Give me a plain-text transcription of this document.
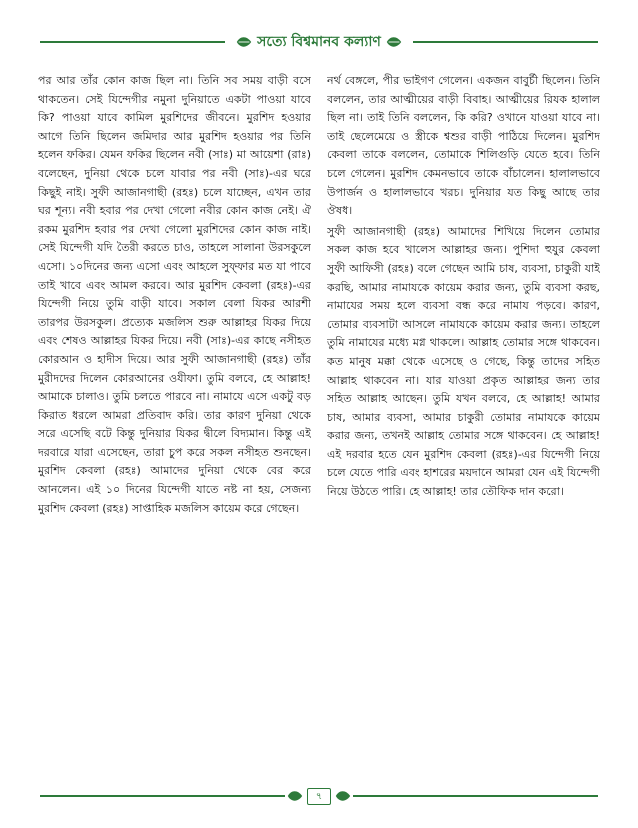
সত্যে বিশ্বমানব কল্যাণ

পর আর তাঁর কোন কাজ ছিল না। তিনি সব সময় বাড়ী বসে থাকতেন। সেই যিন্দেগীর নমুনা দুনিয়াতে একটা পাওয়া যাবে কি? পাওয়া যাবে কামিল মুরশিদের জীবনে। মুরশিদ হওয়ার আগে তিনি ছিলেন জমিদার আর মুরশিদ হওয়ার পর তিনি হলেন ফকির। যেমন ফকির ছিলেন নবী (সাঃ) মা আয়েশা (রাঃ) বলেছেন, দুনিয়া থেকে চলে যাবার পর নবী (সাঃ)-এর ঘরে কিছুই নাই। সুফী আজানগাছী (রহঃ) চলে যাচ্ছেন, এখন তার ঘর শূন্য। নবী হবার পর দেখা গেলো নবীর কোন কাজ নেই। ঐ রকম মুরশিদ হবার পর দেখা গেলো মুরশিদের কোন কাজ নাই। সেই যিন্দেগী যদি তৈরী করতে চাও, তাহলে সালানা উরসকুলে এসো। ১০দিনের জন্য এসো এবং আহলে সুফ্‌ফার মত যা পাবে তাই খাবে এবং আমল করবে। আর মুরশিদ কেবলা (রহঃ)-এর যিন্দেগী নিয়ে তুমি বাড়ী যাবে। সকাল বেলা যিকর আরশী তারপর উরসকুল। প্রত্যেক মজলিস শুরু আল্লাহর যিকর দিয়ে এবং শেষও আল্লাহর যিকর দিয়ে। নবী (সাঃ)-এর কাছে নসীহত কোরআন ও হাদীস দিয়ে। আর সুফী আজানগাছী (রহঃ) তাঁর মুরীদদের দিলেন কোরআনের ওযীফা। তুমি বলবে, হে আল্লাহ! আমাকে চালাও। তুমি চলতে পারবে না। নামাযে এসে একটু বড় কিরাত ধরলে আমরা প্রতিবাদ করি। তার কারণ দুনিয়া থেকে সরে এসেছি বটে কিন্তু দুনিয়ার যিকর দ্বীলে বিদ্যমান। কিন্তু এই দরবারে যারা এসেছেন, তারা চুপ করে সকল নসীহত শুনছেন। মুরশিদ কেবলা (রহঃ) আমাদের দুনিয়া থেকে বের করে আনলেন। এই ১০ দিনের যিন্দেগী যাতে নষ্ট না হয়, সেজন্য মুরশিদ কেবলা (রহঃ) সাপ্তাহিক মজলিস কায়েম করে গেছেন।

নর্থ বেঙ্গলে, পীর ভাইগণ গেলেন। একজন বাবুর্চী ছিলেন। তিনি বললেন, তার আত্মীয়ের বাড়ী বিবাহ। আত্মীয়ের রিযক হালাল ছিল না। তাই তিনি বললেন, কি করি? ওখানে যাওয়া যাবে না। তাই ছেলেমেয়ে ও স্ত্রীকে শ্বশুর বাড়ী পাঠিয়ে দিলেন। মুরশিদ কেবলা তাকে বললেন, তোমাকে শিলিগুড়ি যেতে হবে। তিনি চলে গেলেন। মুরশিদ কেমনভাবে তাকে বাঁচালেন। হালালভাবে উপার্জন ও হালালভাবে খরচ। দুনিয়ার যত কিছু আছে তার ঔষধ।

সুফী আজানগাছী (রহঃ) আমাদের শিখিয়ে দিলেন তোমার সকল কাজ হবে খালেস আল্লাহর জন্য। পুশিদা হুযুর কেবলা সুফী আফিসী (রহঃ) বলে গেছেন আমি চাষ, ব্যবসা, চাকুরী যাই করছি, আমার নামাযকে কায়েম করার জন্য, তুমি ব্যবসা করছ, নামাযের সময় হলে ব্যবসা বন্ধ করে নামায পড়বে। কারণ, তোমার ব্যবসাটা আসলে নামাযকে কায়েম করার জন্য। তাহলে তুমি নামাযের মধ্যে মগ্ন থাকলে। আল্লাহ তোমার সঙ্গে থাকবেন। কত মানুষ মক্কা থেকে এসেছে ও গেছে, কিন্তু তাদের সহিত আল্লাহ থাকবেন না। যার যাওয়া প্রকৃত আল্লাহর জন্য তার সহিত আল্লাহ আছেন। তুমি যখন বলবে, হে আল্লাহ! আমার চাষ, আমার ব্যবসা, আমার চাকুরী তোমার নামাযকে কায়েম করার জন্য, তখনই আল্লাহ তোমার সঙ্গে থাকবেন। হে আল্লাহ! এই দরবার হতে যেন মুরশিদ কেবলা (রহঃ)-এর যিন্দেগী নিয়ে চলে যেতে পারি এবং হাশরের ময়দানে আমরা যেন এই যিন্দেগী নিয়ে উঠতে পারি। হে আল্লাহ! তার তৌফিক দান করো।

৭
